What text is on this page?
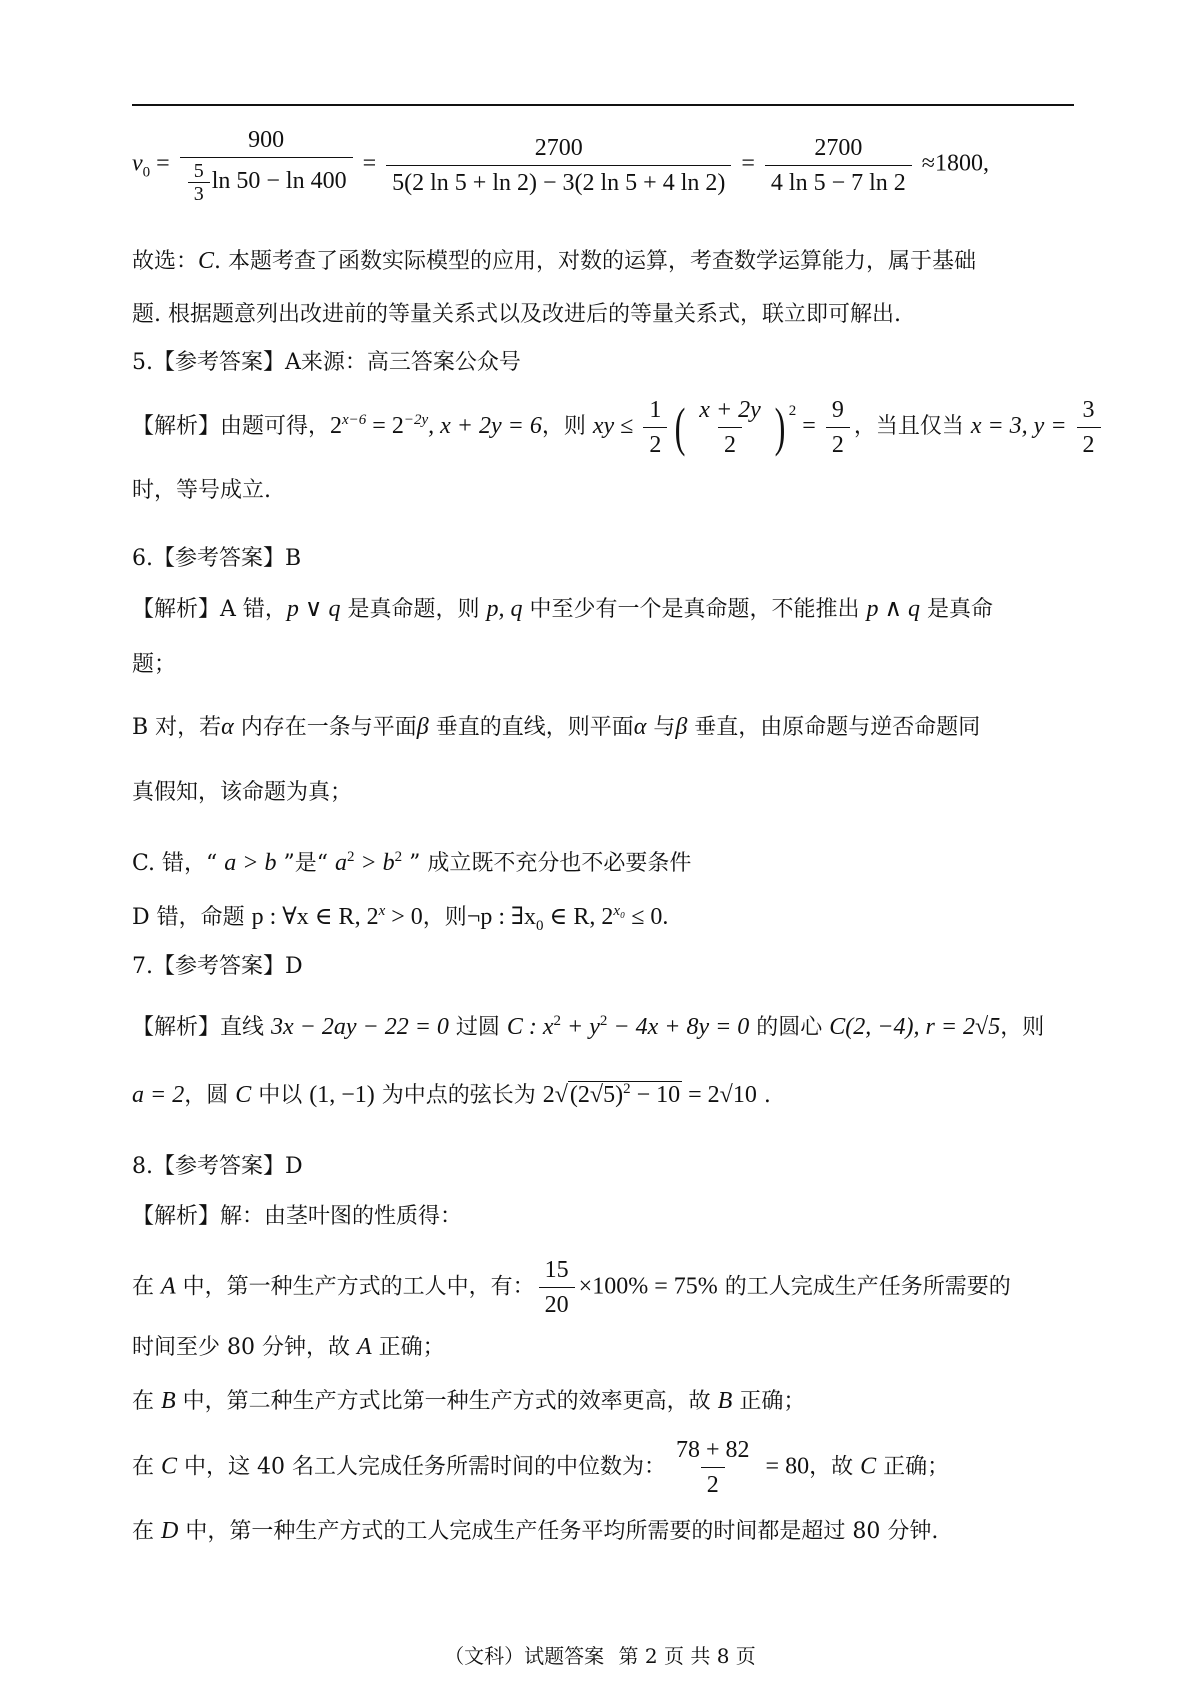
$v_0 = \frac{900}{\frac{5}{3} \ln 50 - \ln 400} = \frac{2700}{5(2 \ln 5 + \ln 2) - 3(2 \ln 5 + 4 \ln 2)} = \frac{2700}{4 \ln 5 - 7 \ln 2} \approx 1800$,
故选：C. 本题考查了函数实际模型的应用，对数的运算，考查数学运算能力，属于基础
题. 根据题意列出改进前的等量关系式以及改进后的等量关系式，联立即可解出.
5.【参考答案】A来源：高三答案公众号
【解析】由题可得，$2^{x-6} = 2^{-2y}$, x + 2y = 6，则 xy ≤ $\frac{1}{2}$ ( $\frac{x + 2y}{2}$ ) $^2 = \frac{9}{2}$ ，当且仅当 x = 3, $y = \frac{3}{2}$
时，等号成立.
6.【参考答案】B
【解析】A 错，p ∨ q 是真命题，则 p, q 中至少有一个是真命题，不能推出 p ∧ q 是真命
题；
B 对，若α 内存在一条与平面β 垂直的直线，则平面α 与β 垂直，由原命题与逆否命题同
真假知，该命题为真；
C. 错，“ a > b ”是“ $a^2 > b^2$ ” 成立既不充分也不必要条件
D 错，命题 p : ∀x ∈ R, $2^x > 0$，则¬p : $\exists x_0$ ∈ R, $2^{x_0} \le 0$.
7.【参考答案】D
【解析】直线 3x − 2ay − 22 = 0 过圆 C : $x^2 + y^2 - 4x + 8y = 0$ 的圆心 C(2, −4), r = 2√5，则
a = 2，圆 C 中以 (1, −1) 为中点的弦长为 $2√(2√5)^2 - 10 = 2√10$ .
8.【参考答案】D
【解析】解：由茎叶图的性质得：
在 A 中，第一种生产方式的工人中，有： $\frac{15}{20} \times 100\% = 75\%$ 的工人完成生产任务所需要的
时间至少 80 分钟，故 A 正确；
在 B 中，第二种生产方式比第一种生产方式的效率更高，故 B 正确；
在 C 中，这 40 名工人完成任务所需时间的中位数为： $\frac{78 + 82}{2} = 80$，故 C 正确；
在 D 中，第一种生产方式的工人完成生产任务平均所需要的时间都是超过 80 分钟.
（文科）试题答案 第 2 页 共 8 页
